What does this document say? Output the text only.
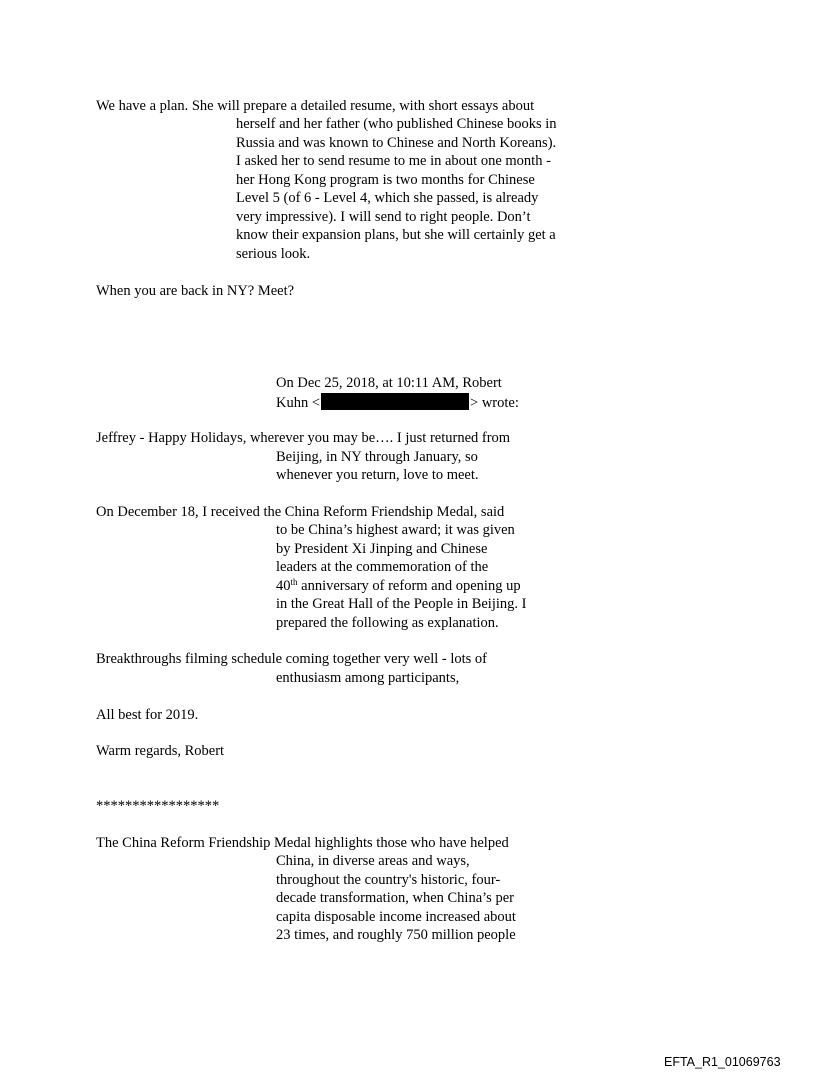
We have a plan. She will prepare a detailed resume, with short essays about
herself and her father (who published Chinese books in
Russia and was known to Chinese and North Koreans).
I asked her to send resume to me in about one month -
her Hong Kong program is two months for Chinese
Level 5 (of 6 - Level 4, which she passed, is already
very impressive). I will send to right people. Don’t
know their expansion plans, but she will certainly get a
serious look.
When you are back in NY? Meet?
On Dec 25, 2018, at 10:11 AM, Robert
Kuhn <	> wrote:
Jeffrey - Happy Holidays, wherever you may be…. I just returned from
Beijing, in NY through January, so
whenever you return, love to meet.
On December 18, I received the China Reform Friendship Medal, said
to be China’s highest award; it was given
by President Xi Jinping and Chinese
leaders at the commemoration of the
40th anniversary of reform and opening up
in the Great Hall of the People in Beijing. I
prepared the following as explanation.
Breakthroughs filming schedule coming together very well - lots of
enthusiasm among participants,
All best for 2019.
Warm regards, Robert
*****************
The China Reform Friendship Medal highlights those who have helped
China, in diverse areas and ways,
throughout the country's historic, four-
decade transformation, when China’s per
capita disposable income increased about
23 times, and roughly 750 million people
EFTA_R1_01069763
